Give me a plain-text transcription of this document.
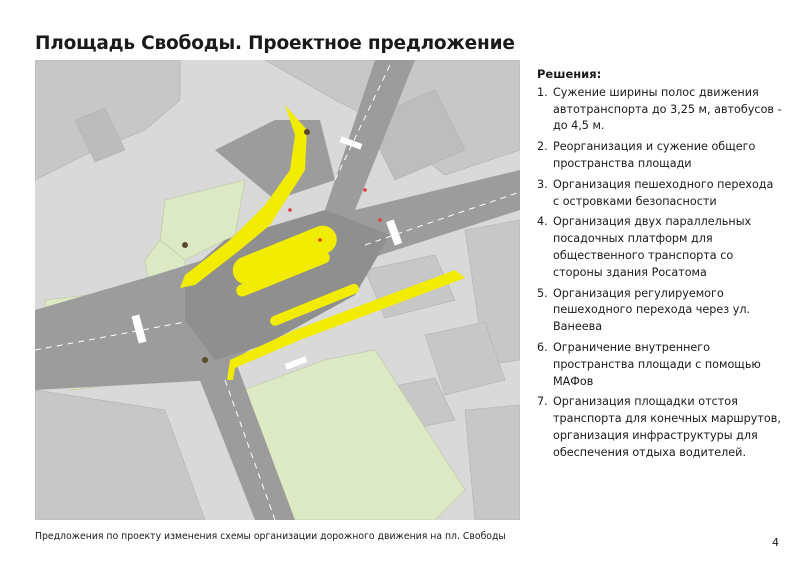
Площадь Свободы. Проектное предложение
Решения:
1. Сужение ширины полос движения автотранспорта до 3,25 м, автобусов - до 4,5 м.
2. Реорганизация и сужение общего пространства площади
3. Организация пешеходного перехода с островками безопасности
4. Организация двух параллельных посадочных платформ для общественного транспорта со стороны здания Росатома
5. Организация регулируемого пешеходного перехода через ул. Ванеева
6. Ограничение внутреннего пространства площади с помощью МАФов
7. Организация площадки отстоя транспорта для конечных маршрутов, организация инфраструктуры для обеспечения отдыха водителей.
Предложения по проекту изменения схемы организации дорожного движения на пл. Свободы	4
